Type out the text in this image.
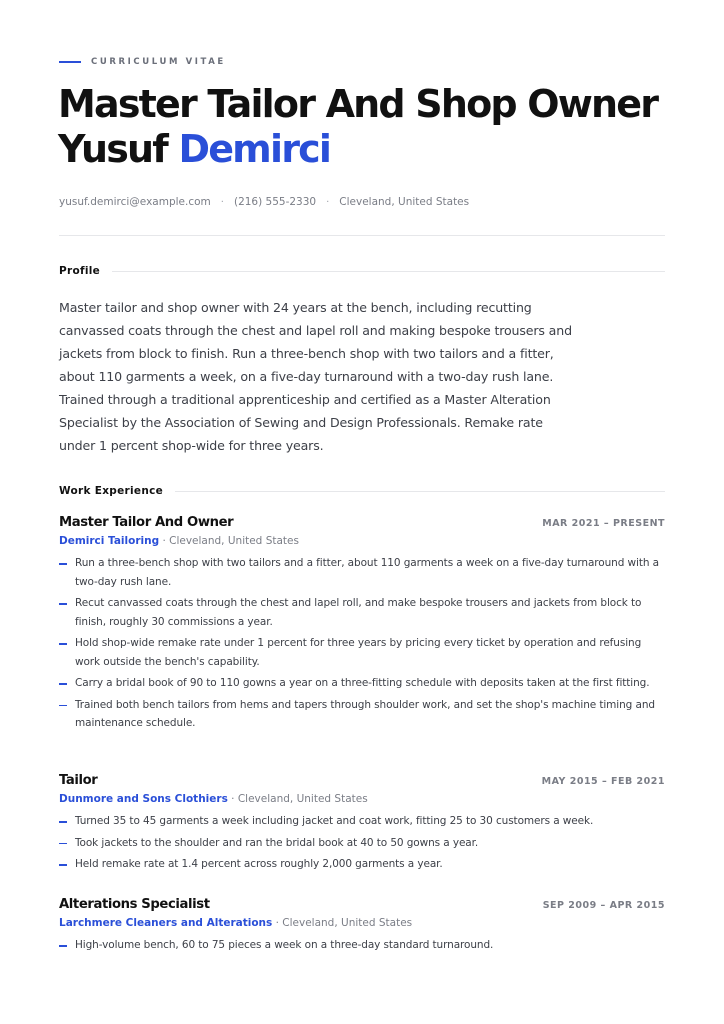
CURRICULUM VITAE
Master Tailor And Shop Owner Yusuf Demirci
yusuf.demirci@example.com · (216) 555-2330 · Cleveland, United States
Profile

Master tailor and shop owner with 24 years at the bench, including recutting canvassed coats through the chest and lapel roll and making bespoke trousers and jackets from block to finish. Run a three-bench shop with two tailors and a fitter, about 110 garments a week, on a five-day turnaround with a two-day rush lane. Trained through a traditional apprenticeship and certified as a Master Alteration Specialist by the Association of Sewing and Design Professionals. Remake rate under 1 percent shop-wide for three years.

Work Experience
Master Tailor And Owner	MAR 2021 – PRESENT
Demirci Tailoring · Cleveland, United States
Run a three-bench shop with two tailors and a fitter, about 110 garments a week on a five-day turnaround with a two-day rush lane.
Recut canvassed coats through the chest and lapel roll, and make bespoke trousers and jackets from block to finish, roughly 30 commissions a year.
Hold shop-wide remake rate under 1 percent for three years by pricing every ticket by operation and refusing work outside the bench's capability.
Carry a bridal book of 90 to 110 gowns a year on a three-fitting schedule with deposits taken at the first fitting.
Trained both bench tailors from hems and tapers through shoulder work, and set the shop's machine timing and maintenance schedule.
Tailor	MAY 2015 – FEB 2021
Dunmore and Sons Clothiers · Cleveland, United States
Turned 35 to 45 garments a week including jacket and coat work, fitting 25 to 30 customers a week.
Took jackets to the shoulder and ran the bridal book at 40 to 50 gowns a year.
Held remake rate at 1.4 percent across roughly 2,000 garments a year.
Alterations Specialist	SEP 2009 – APR 2015
Larchmere Cleaners and Alterations · Cleveland, United States
High-volume bench, 60 to 75 pieces a week on a three-day standard turnaround.
